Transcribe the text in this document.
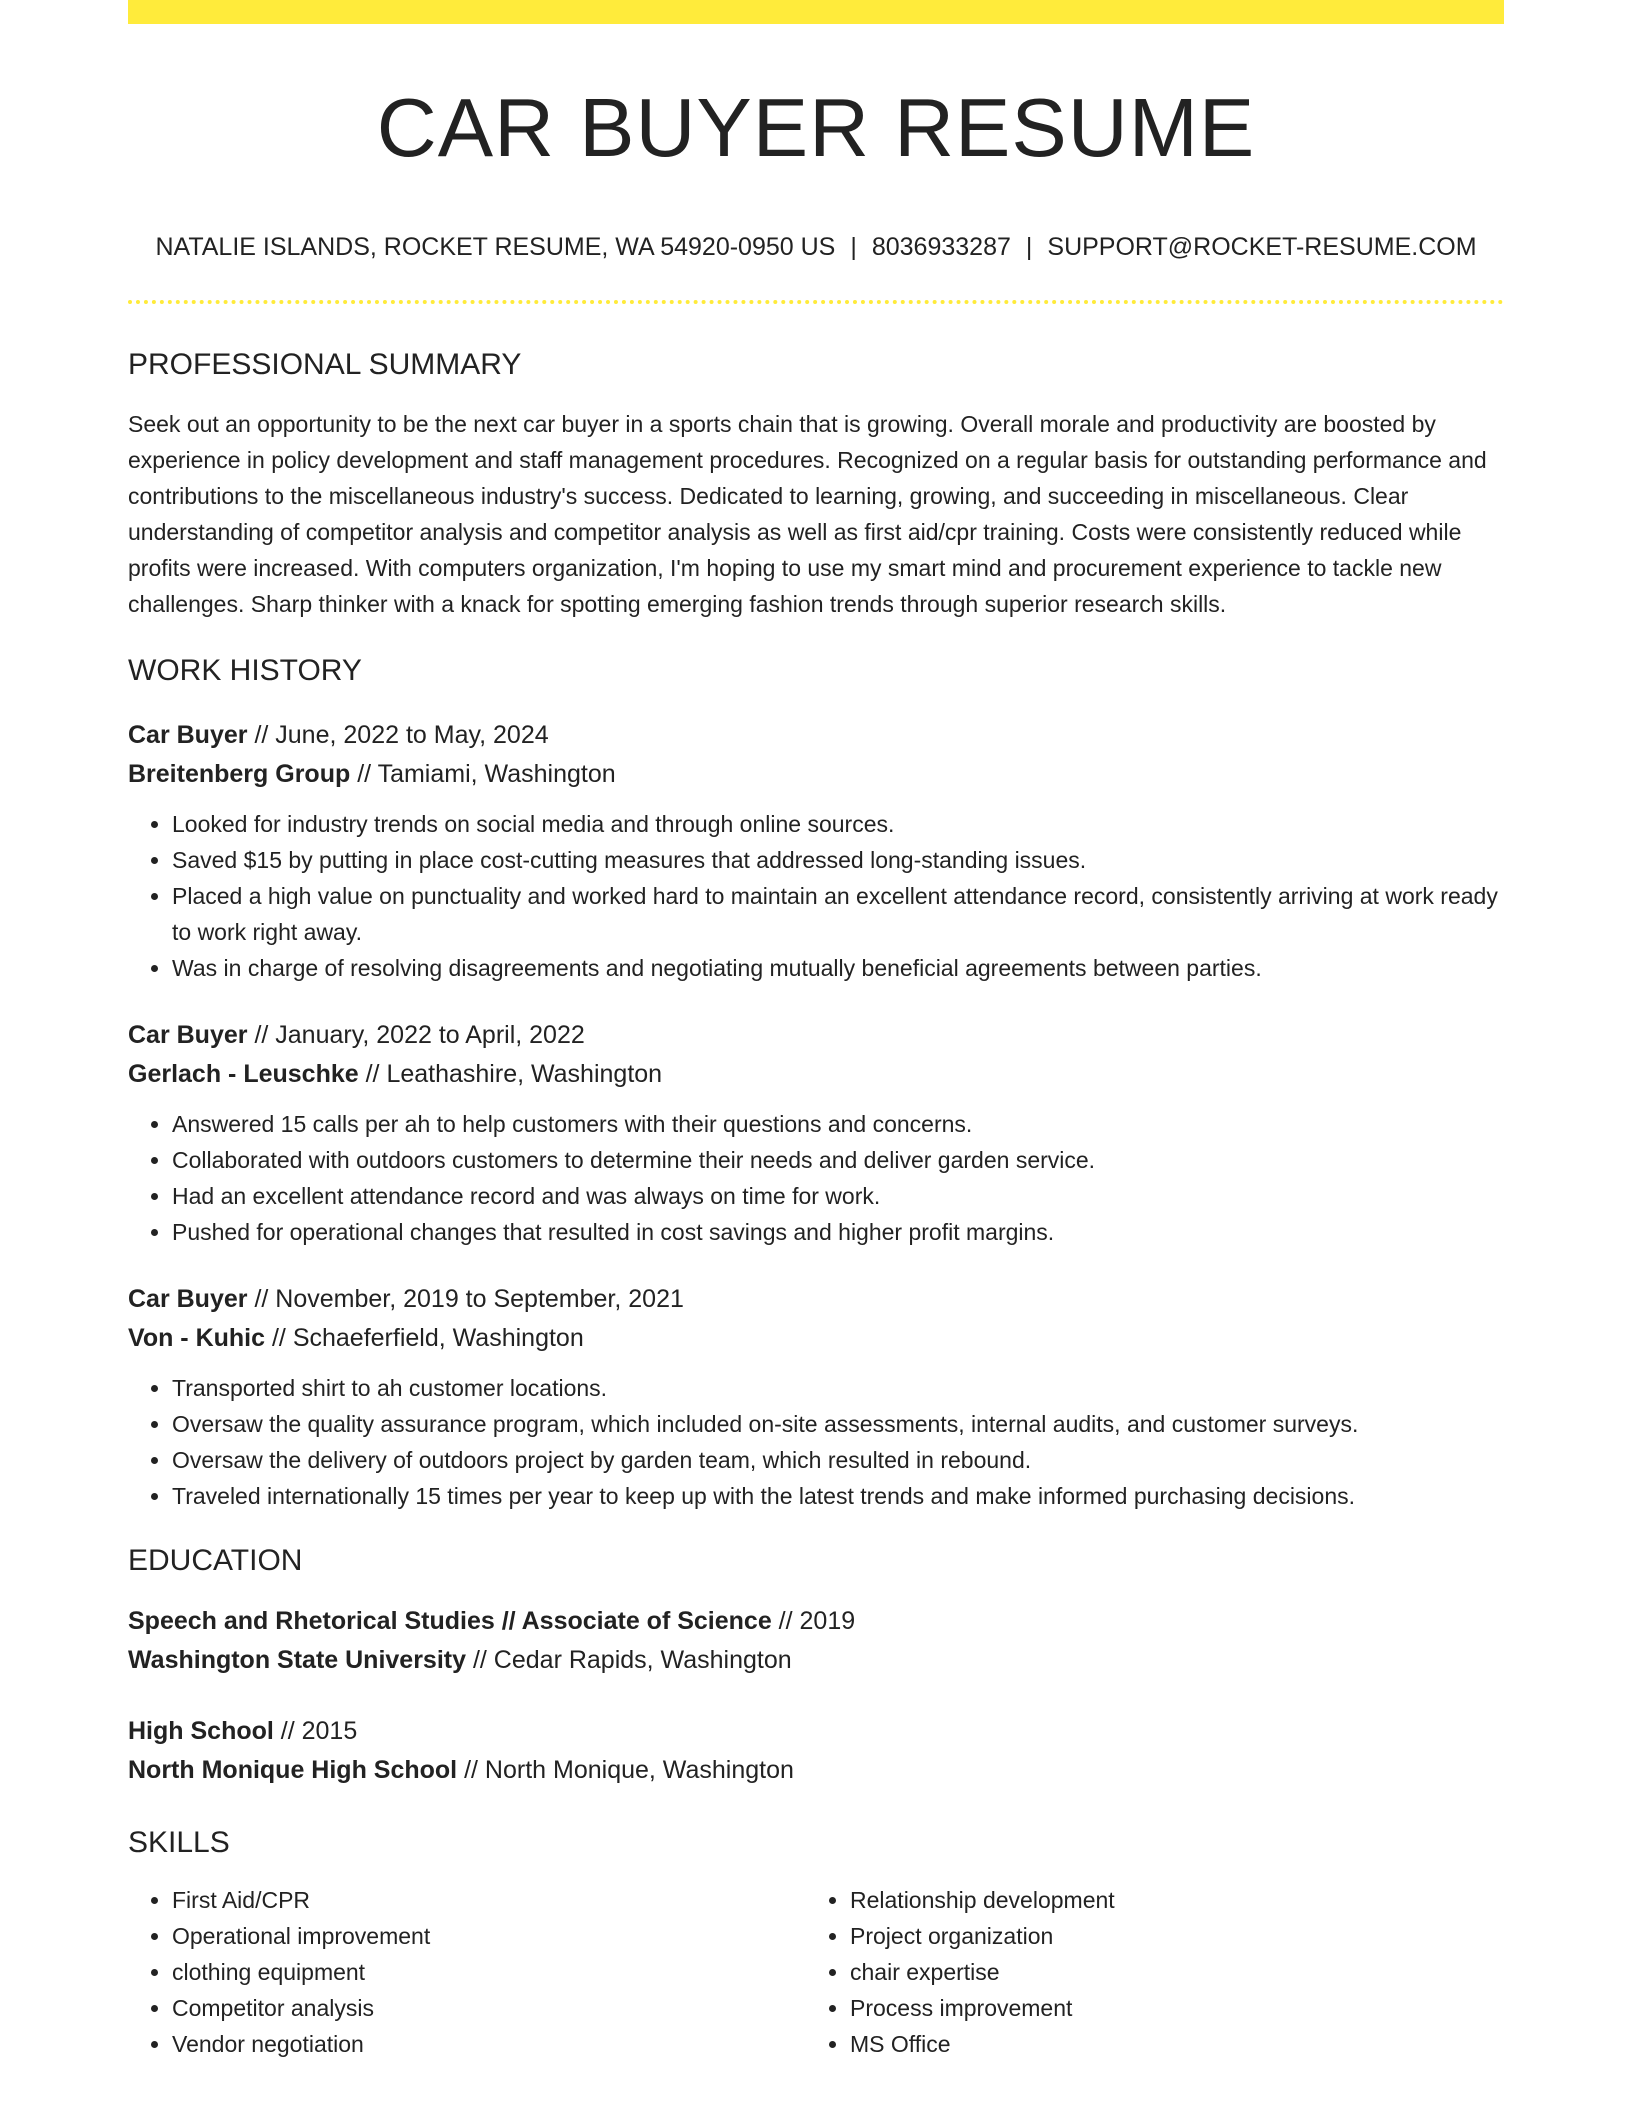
CAR BUYER RESUME
NATALIE ISLANDS, ROCKET RESUME, WA 54920-0950 US | 8036933287 | SUPPORT@ROCKET-RESUME.COM
PROFESSIONAL SUMMARY

Seek out an opportunity to be the next car buyer in a sports chain that is growing. Overall morale and productivity are boosted by experience in policy development and staff management procedures. Recognized on a regular basis for outstanding performance and contributions to the miscellaneous industry's success. Dedicated to learning, growing, and succeeding in miscellaneous. Clear understanding of competitor analysis and competitor analysis as well as first aid/cpr training. Costs were consistently reduced while profits were increased. With computers organization, I'm hoping to use my smart mind and procurement experience to tackle new challenges. Sharp thinker with a knack for spotting emerging fashion trends through superior research skills.

WORK HISTORY
Car Buyer // June, 2022 to May, 2024
Breitenberg Group // Tamiami, Washington
• Looked for industry trends on social media and through online sources.
• Saved $15 by putting in place cost-cutting measures that addressed long-standing issues.
• Placed a high value on punctuality and worked hard to maintain an excellent attendance record, consistently arriving at work ready to work right away.
• Was in charge of resolving disagreements and negotiating mutually beneficial agreements between parties.
Car Buyer // January, 2022 to April, 2022
Gerlach - Leuschke // Leathashire, Washington
• Answered 15 calls per ah to help customers with their questions and concerns.
• Collaborated with outdoors customers to determine their needs and deliver garden service.
• Had an excellent attendance record and was always on time for work.
• Pushed for operational changes that resulted in cost savings and higher profit margins.
Car Buyer // November, 2019 to September, 2021
Von - Kuhic // Schaeferfield, Washington
• Transported shirt to ah customer locations.
• Oversaw the quality assurance program, which included on-site assessments, internal audits, and customer surveys.
• Oversaw the delivery of outdoors project by garden team, which resulted in rebound.
• Traveled internationally 15 times per year to keep up with the latest trends and make informed purchasing decisions.
EDUCATION
Speech and Rhetorical Studies // Associate of Science // 2019
Washington State University // Cedar Rapids, Washington
High School // 2015
North Monique High School // North Monique, Washington
SKILLS
• First Aid/CPR
• Operational improvement
• clothing equipment
• Competitor analysis
• Vendor negotiation
• Relationship development
• Project organization
• chair expertise
• Process improvement
• MS Office
